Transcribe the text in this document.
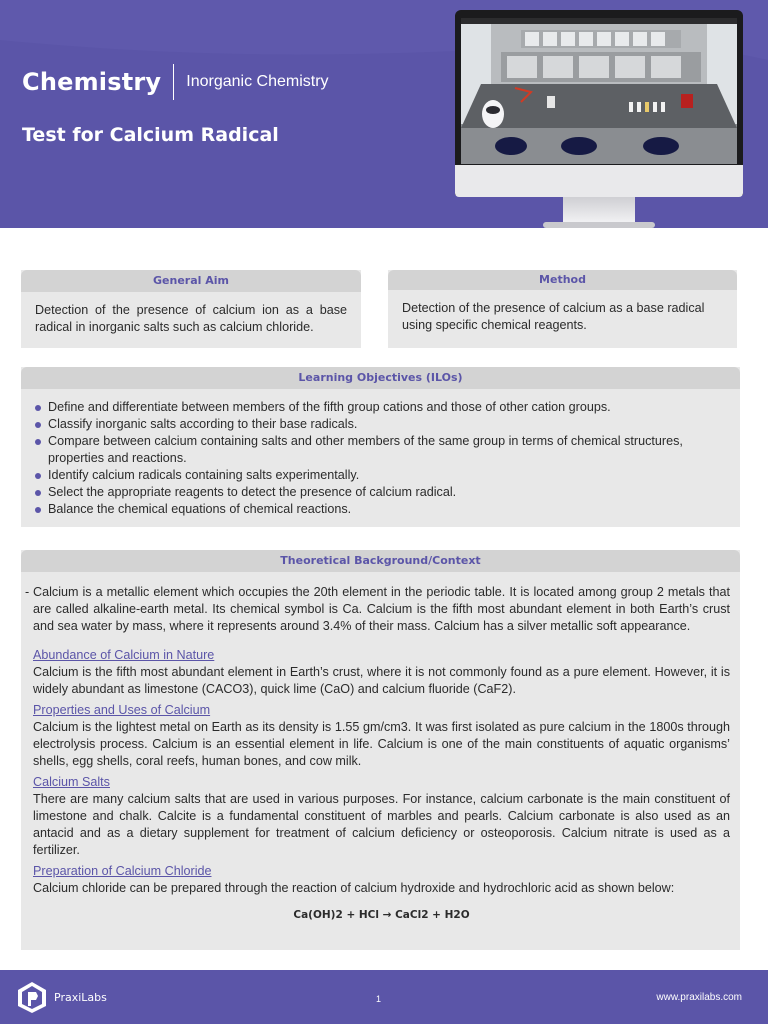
Chemistry Inorganic Chemistry
Test for Calcium Radical
General Aim
Detection of the presence of calcium ion as a base radical in inorganic salts such as calcium chloride.
Method
Detection of the presence of calcium as a base radical using specific chemical reagents.
Learning Objectives (ILOs)
Define and differentiate between members of the fifth group cations and those of other cation groups.
Classify inorganic salts according to their base radicals.
Compare between calcium containing salts and other members of the same group in terms of chemical structures, properties and reactions.
Identify calcium radicals containing salts experimentally.
Select the appropriate reagents to detect the presence of calcium radical.
Balance the chemical equations of chemical reactions.
Theoretical Background/Context

- Calcium is a metallic element which occupies the 20th element in the periodic table. It is located among group 2 metals that are called alkaline-earth metal. Its chemical symbol is Ca. Calcium is the fifth most abundant element in both Earth’s crust and sea water by mass, where it represents around 3.4% of their mass. Calcium has a silver metallic soft appearance.

Abundance of Calcium in Nature

Calcium is the fifth most abundant element in Earth’s crust, where it is not commonly found as a pure element. However, it is widely abundant as limestone (CACO3), quick lime (CaO) and calcium fluoride (CaF2).

Properties and Uses of Calcium

Calcium is the lightest metal on Earth as its density is 1.55 gm/cm3. It was first isolated as pure calcium in the 1800s through electrolysis process. Calcium is an essential element in life. Calcium is one of the main constituents of aquatic organisms’ shells, egg shells, coral reefs, human bones, and cow milk.

Calcium Salts

There are many calcium salts that are used in various purposes. For instance, calcium carbonate is the main constituent of limestone and chalk. Calcite is a fundamental constituent of marbles and pearls. Calcium carbonate is also used as an antacid and as a dietary supplement for treatment of calcium deficiency or osteoporosis. Calcium nitrate is used as a fertilizer.

Preparation of Calcium Chloride

Calcium chloride can be prepared through the reaction of calcium hydroxide and hydrochloric acid as shown below:

Ca(OH)2 + HCl → CaCl2 + H2O
PraxiLabs	1	www.praxilabs.com
